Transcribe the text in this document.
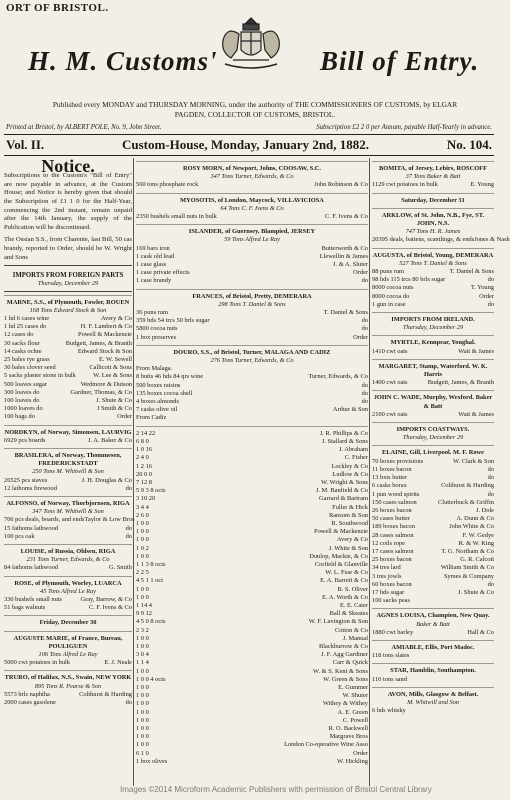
ORT OF BRISTOL.
H. M. Customs'	Bill of Entry.
Published every MONDAY and THURSDAY MORNING, under the authority of THE COMMISSIONERS OF CUSTOMS, by ELGAR PAGDEN, COLLECTOR OF CUSTOMS, BRISTOL.
Printed at Bristol, by ALBERT POLE, No. 9, John Street.	Subscription £2 2 0 per Annum, payable Half-Yearly in advance.
Vol. II.	Custom-House, Monday, January 2nd, 1882.	No. 104.
Notice.
Subscriptions to the Custom's "Bill of Entry" are now payable in advance, at the Custom House; and Notice is hereby given that should the Subscription of £1 1 0 for the Half-Year, commencing the 2nd instant, remain unpaid after the 14th January, the supply of the Publication will be discontinued.
The Ossian S.S., from Charente, last Bill, 50 cas brandy, reported to Order, should be W. Wright and Sons
IMPORTS FROM FOREIGN PARTS
Thursday, December 29
MARNE, S.S., of Plymouth, Fowler, ROUEN
168 Tons Edward Stock & Son
1 hd 6 cases wine	Avery & Co
1 hd 25 cases do	H. F. Lambert & Co
12 cases do	Powell & Mackenzie
30 sacks flour	Budgett, James, & Branth
14 casks ochre	Edward Stock & Son
25 bales rye grass	E. W. Sewell
30 bales clover seed	Callicott & Sons
5 sacks plaster stone in bulk	W. Lee & Sons
500 loaves sugar	Wedmore & Dutson
300 loaves do	Gardner, Thomas, & Co
100 loaves do	J. Shute & Co
1000 loaves do	J Smith & Co
100 bags do	Order
NORDKYN, of Norway, Simonsen, LAURVIG
6929 pcs boards	J. A. Baker & Co
BRASILERA, of Norway, Thommesen, FREDERICKSTADT
250 Tons M. Whitwill & Son
26525 pcs staves	J. H. Douglas & Co
12 lathoms firewood	do
ALFONSO, of Norway, Thorbjornsen, RIGA
347 Tons M. Whitwill & Son
706 pcs deals, boards, and ends Taylor & Low Bros
15 fathoms lathwood	do
100 pcs oak	do
LOUISE, of Russia, Ohlsen, RIGA
231 Tons Turner, Edwards, & Co
84 fathoms lathwood	G. Smith
ROSE, of Plymouth, Worley, LUARCA
45 Tons Alfred Le Ray
330 bushels small nuts	Gray, Barrow, & Co
51 bags walnuts	C. F. Ivens & Co
Friday, December 30
AUGUSTE MARIE, of France, Bureau, POULIGUEN
106 Tons Alfred Le Ray
5000 cwt potatoes in bulk	E. J. Neale
TRURO, of Halifax, N.S., Swain, NEW YORK
895 Tons R. Pearse & Son
5573 brls naphtha	Colthurst & Harding
2000 cases gasolene	do
ROSY MORN, of Newport, Johns, COOSAW, S.C.
347 Tons Turner, Edwards, & Co
560 tons phosphate rock	John Robinson & Co
MYOSOTIS, of London, Maycock, VILLAVICIOSA
64 Tons C. F. Ivens & Co
2350 bushels small nuts in bulk	C. F. Ivens & Co
ISLANDER, of Guernsey, Blampied, JERSEY
59 Tons Alfred Le Ray
169 bars iron	Butterworth & Co
1 cask old lead	Llewellin & James
1 case glass	J. & A. Sluter
1 case private effects	Order
1 case brandy	do
FRANCES, of Bristol, Pretty, DEMERARA
298 Tons T. Daniel & Sons
36 puns rum	T. Daniel & Sons
359 hds 54 trcs 50 brls sugar	do
5800 cocoa nuts	do
1 box preserves	Order
DOURO, S.S., of Bristol, Turner, MALAGA AND CADIZ
276 Tons Turner, Edwards, & Co
From Malaga.
8 butts 46 hds 84 qrs wine	Turner, Edwards, & Co
500 boxes raisins	do
135 boxes cocoa shell	do
4 boxes almonds	do
7 casks olive oil	Arthur & Son
From Cadiz
2 14 22	J. R. Phillips & Co
6 8 0	J. Stallard & Sons
1 0 16	J. Abraham
2 4 0	C. Fisher
1 2 16	Lockley & Co
20 0 0	Ludlow & Co
7 12 8	W. Wright & Sons
5 9 3 8 octs	J. M. Banfield & Co
3 10 20	Garrard & Bartram
3 4 4	Fuller & Hick
2 6 0	Ransom & Son
1 0 0	R. Southwood
1 0 0	Powell & Mackenzie
1 0 0	Avery & Co
1 0 2	J. White & Son
1 0 0	Dunlop, Mackie, & Co
1 1 3 8 octs	Corfield & Glanville
2 2 5	W. L. Fear & Co
4 5 1 1 oct	E. A. Barrett & Co
1 0 0	B. S. Oliver
1 0 0	E. A. Worth & Co
1 14 4	E. E. Cater
9 9 12	Ball & Skeates
4 5 0 8 octs	W. F. Lavington & Son
2 3 2	Cotton & Co
1 0 0	J. Manual
1 0 0	Blackburrow & Co
3 0 4	J. F. Agg Gardiner
1 1 4	Carr & Quick
1 0 0	W. & S. Kent & Sons
1 0 0 4 octs	W. Green & Sons
1 0 0	E. Gummer
1 0 0	W. Shuter
1 0 0	Withey & Withey
1 0 0	A. E. Green
1 0 0	C. Powell
1 0 0	R. O. Backwell
1 0 0	Margrave Bros
1 0 0	London Co-operative Wine Asso
6 1 0	Order
1 box olives	W. Hickling
BOMITA, of Jersey, Lebirs, ROSCOFF
37 Tons Baker & Batt
1129 cwt potatoes in bulk	E. Young
Saturday, December 31
ARKLOW, of St. John, N.B., Fye, ST. JOHN, N.S.
747 Tons H. R. James
20395 deals, battens, scantlings, & ends Jones & Nash
AUGUSTA, of Bristol, Young, DEMERARA
527 Tons T. Daniel & Sons
88 puns rum	T. Daniel & Sons
98 hds 115 trcs 80 brls sugar	do
8000 cocoa nuts	T. Young
8000 cocoa do	Order
1 gun in case	do
IMPORTS FROM IRELAND.
Thursday, December 29
MYRTLE, Kennpear, Youghal.
1410 cwt oats	Wait & James
MARGARET, Stamp, Waterford. W. K. Harris
1400 cwt oats	Budgett, James, & Branth
JOHN C. WADE, Murphy, Wexford. Baker & Batt
2100 cwt oats	Wait & James
IMPORTS COASTWAYS.
Thursday, December 29
ELAINE, Gill, Liverpool. M. F. Rowe
70 boxes provisions	W. Clark & Son
11 boxes bacon	do
13 bxts butter	do
6 casks borax	Colthurst & Harding
1 pun wood spirits	do
150 cases salmon	Clutterbuck & Griffin
26 boxes bacon	J. Dole
50 cases butter	A. Dunn & Co
189 boxes bacon	John White & Co
28 cases salmon	F. W. Gedye
12 coils rope	R. & W. King
17 cases salmon	T. G. Northam & Co
25 boxes bacon	G. R. Calcott
34 tres lard	William Smith & Co
3 tres jowls	Symes & Company
60 boxes bacon	do
17 hds sugar	J. Shute & Co
100 sacks peas
AGNES LOUISA, Champion, New Quay.
Baker & Batt
1880 cwt barley	Hall & Co
AMIABLE, Ellis, Port Madoc.
118 tons slates
STAR, Hamblin, Southampton.
110 tons sand
AVON, Mills, Glasgow & Belfast.
M. Whitwill and Son
6 hds whisky
Images ©2014 Microform Academic Publishers with permission of Bristol Central Library
